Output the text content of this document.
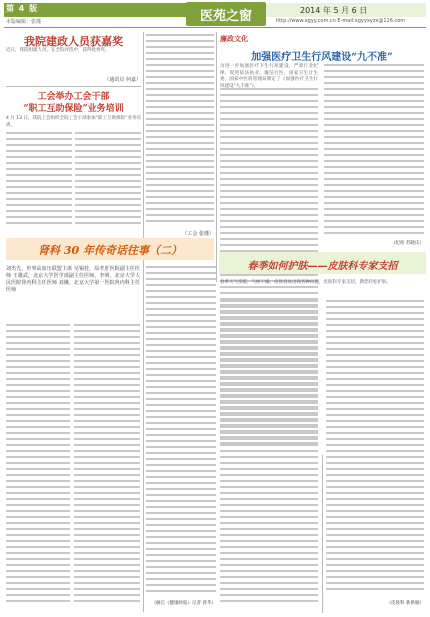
第 4 版
医苑之窗	2014 年 5 月 6 日
本版编辑：张瑾	http://www.xgyy.com.cn E-mail:xgyyxyzx@126.com
我院建政人员获嘉奖
近日，我院组建人员，在全院评选中，获得优秀奖。
（通讯员 何嘉）
工会举办工会干部
“职工互助保险”业务培训
4 月 13 日，我院工会组织全院工会干部参加“职工互助保险”业务培训。
（工会 张瑾）
肾科 30 年传奇话往事（二）
刘杰先，世界高血压联盟主席 吴锡桂，原孝肝医院副主任医师 王雄武，北京大学医学部副主任医师，李明，北京大学人民医院肾内科主任医师 刘娥，北京大学第一医院肾内科主任医师
（摘自《健康时报》记者 蒋华）
廉政文化
加强医疗卫生行风建设“九不准”
为进一步加强医疗卫生行风建设，严肃行业纪律，促进依法执业、廉洁行医，国家卫生计生委、国家中医药管理局制定了《加强医疗卫生行风建设“九不准”》。
（纪检 苏晓庆）
春季如何护肤——皮肤科专家支招
春季天气变暖，气候干燥，皮肤容易出现各种问题，皮肤科专家支招，教您轻松护肤。
（皮肤科 新供稿）
